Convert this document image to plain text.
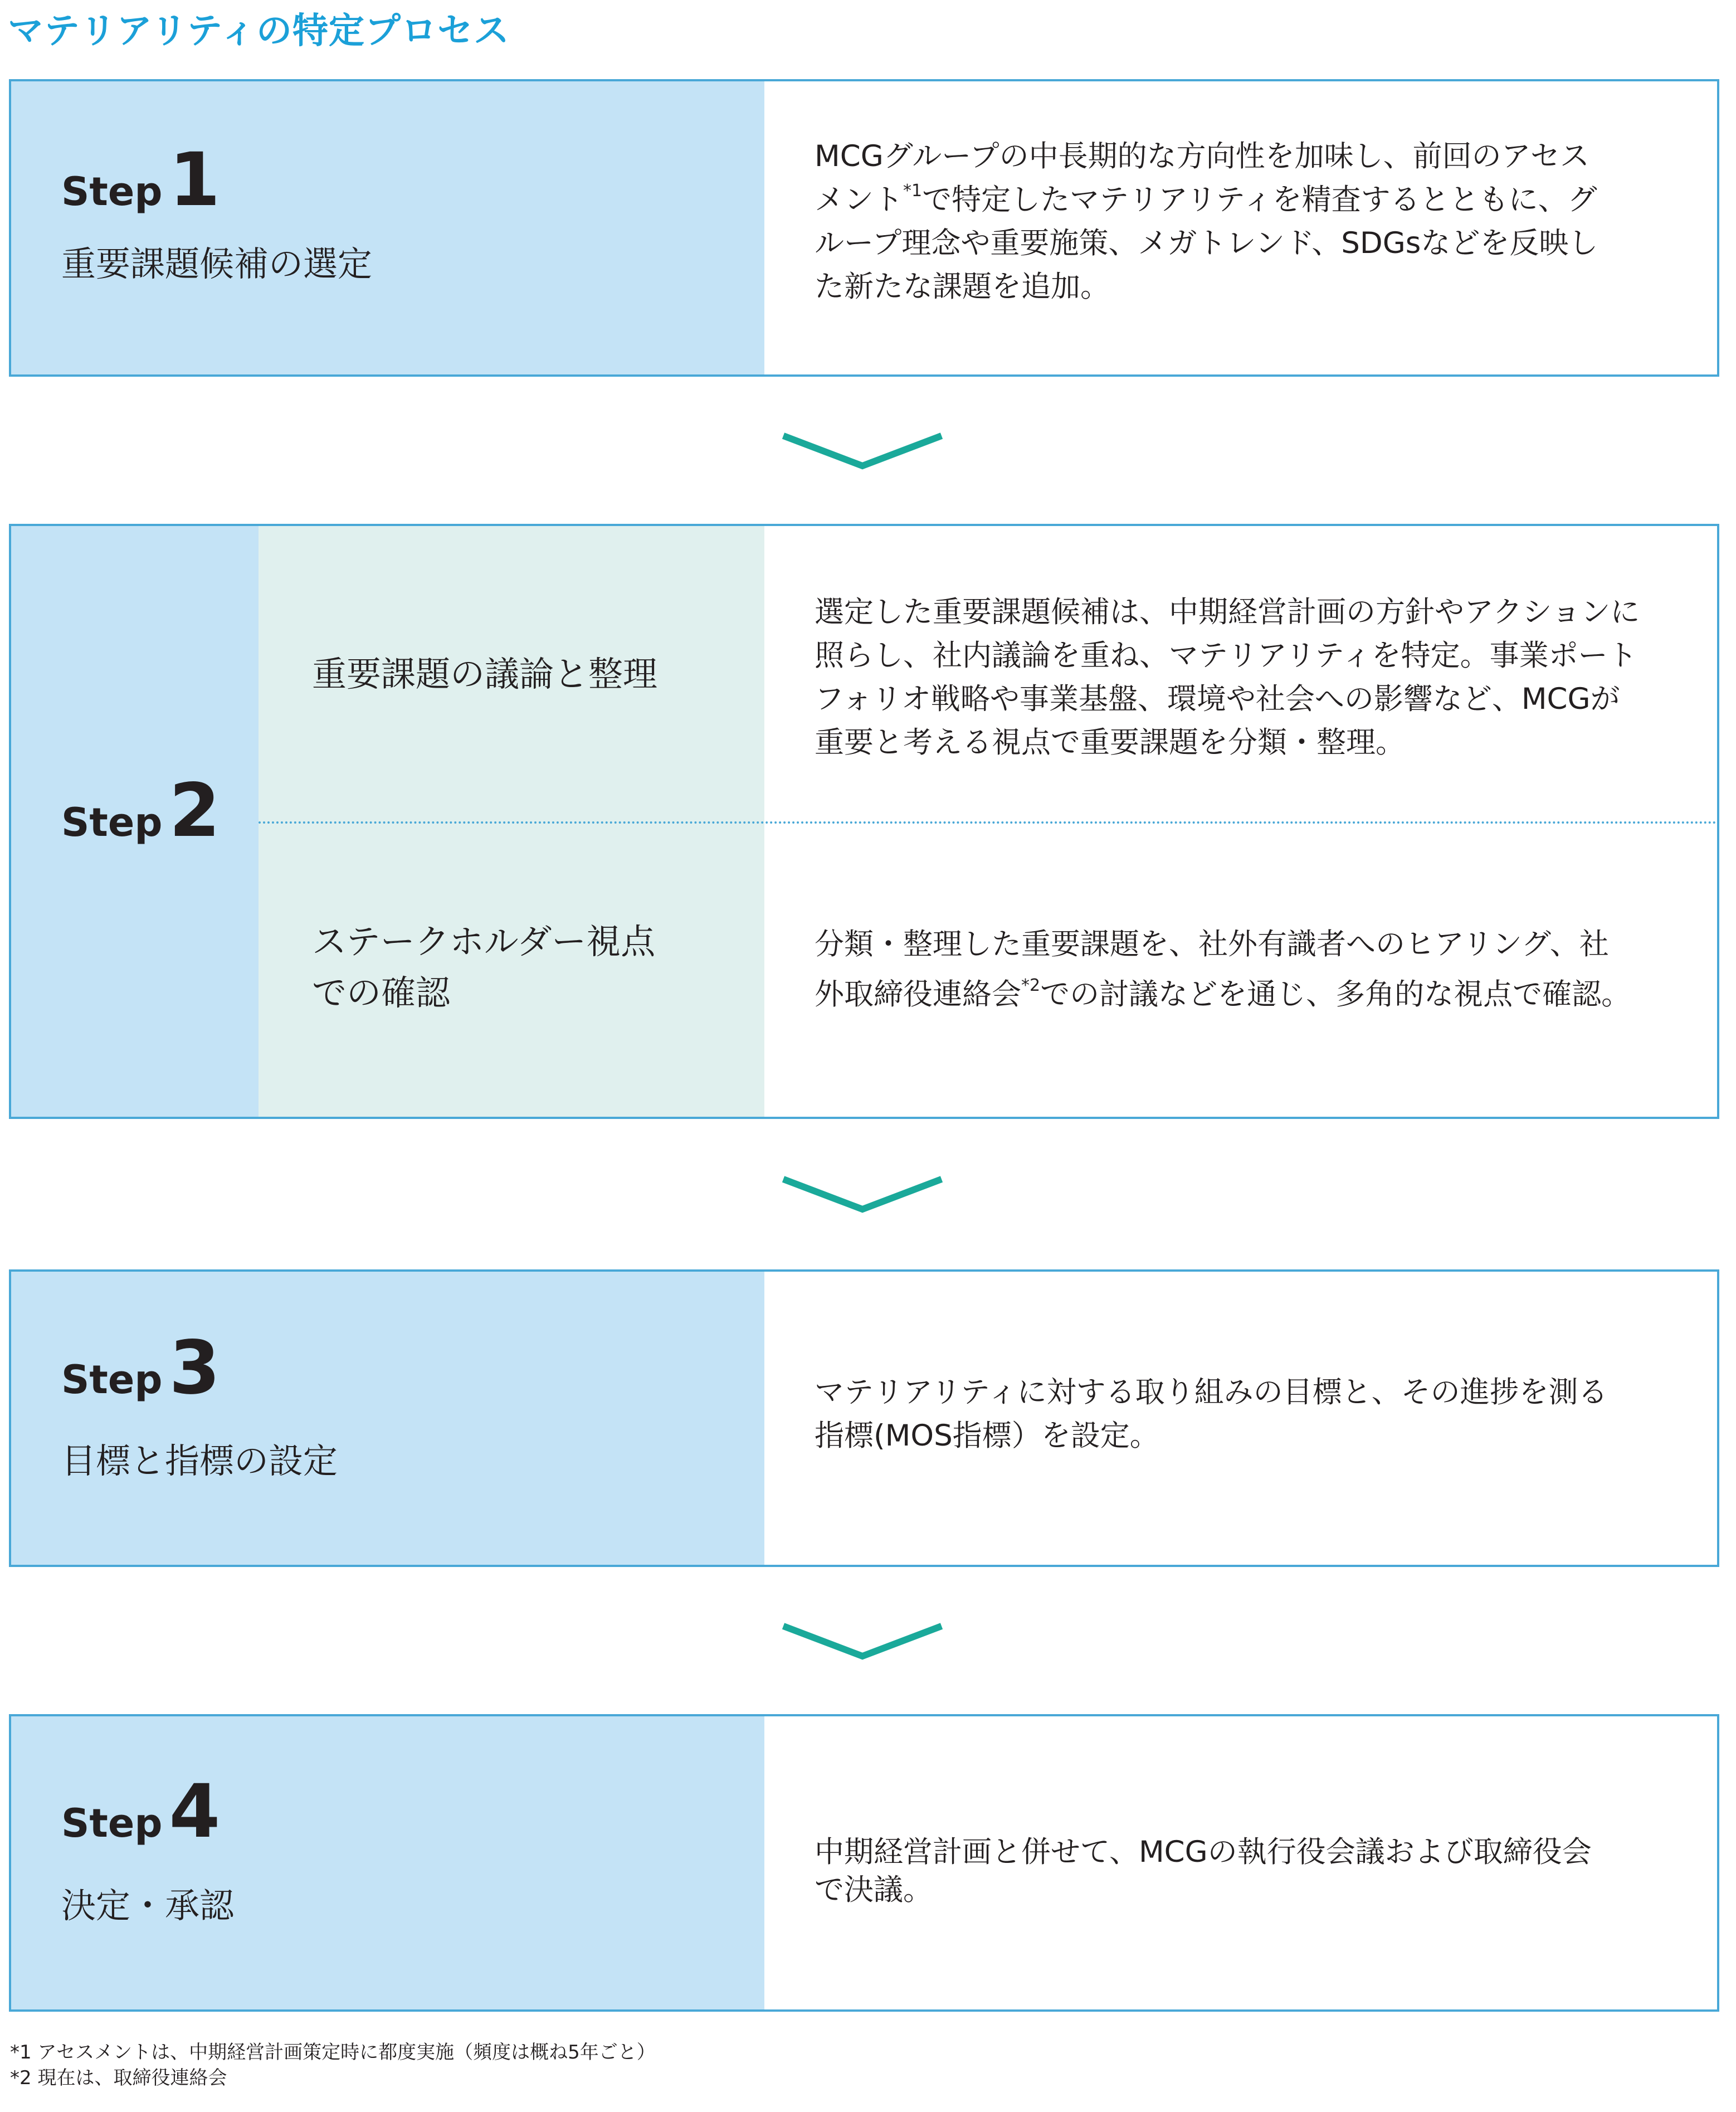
マテリアリティの特定プロセス
Step1
重要課題候補の選定
MCGグループの中長期的な方向性を加味し、前回のアセス
メント$^{*1}$で特定したマテリアリティを精査するとともに、グ
ループ理念や重要施策、メガトレンド、SDGsなどを反映し
た新たな課題を追加。
Step2
重要課題の議論と整理
選定した重要課題候補は、中期経営計画の方針やアクションに
照らし、社内議論を重ね、マテリアリティを特定。事業ポート
フォリオ戦略や事業基盤、環境や社会への影響など、MCGが
重要と考える視点で重要課題を分類・整理。
ステークホルダー視点
での確認
分類・整理した重要課題を、社外有識者へのヒアリング、社
外取締役連絡会$^{*2}$での討議などを通じ、多角的な視点で確認。
Step3
目標と指標の設定
マテリアリティに対する取り組みの目標と、その進捗を測る
指標(MOS指標）を設定。
Step4
決定・承認
中期経営計画と併せて、MCGの執行役会議および取締役会
で決議。
*1 アセスメントは、中期経営計画策定時に都度実施（頻度は概ね5年ごと）
*2 現在は、取締役連絡会
